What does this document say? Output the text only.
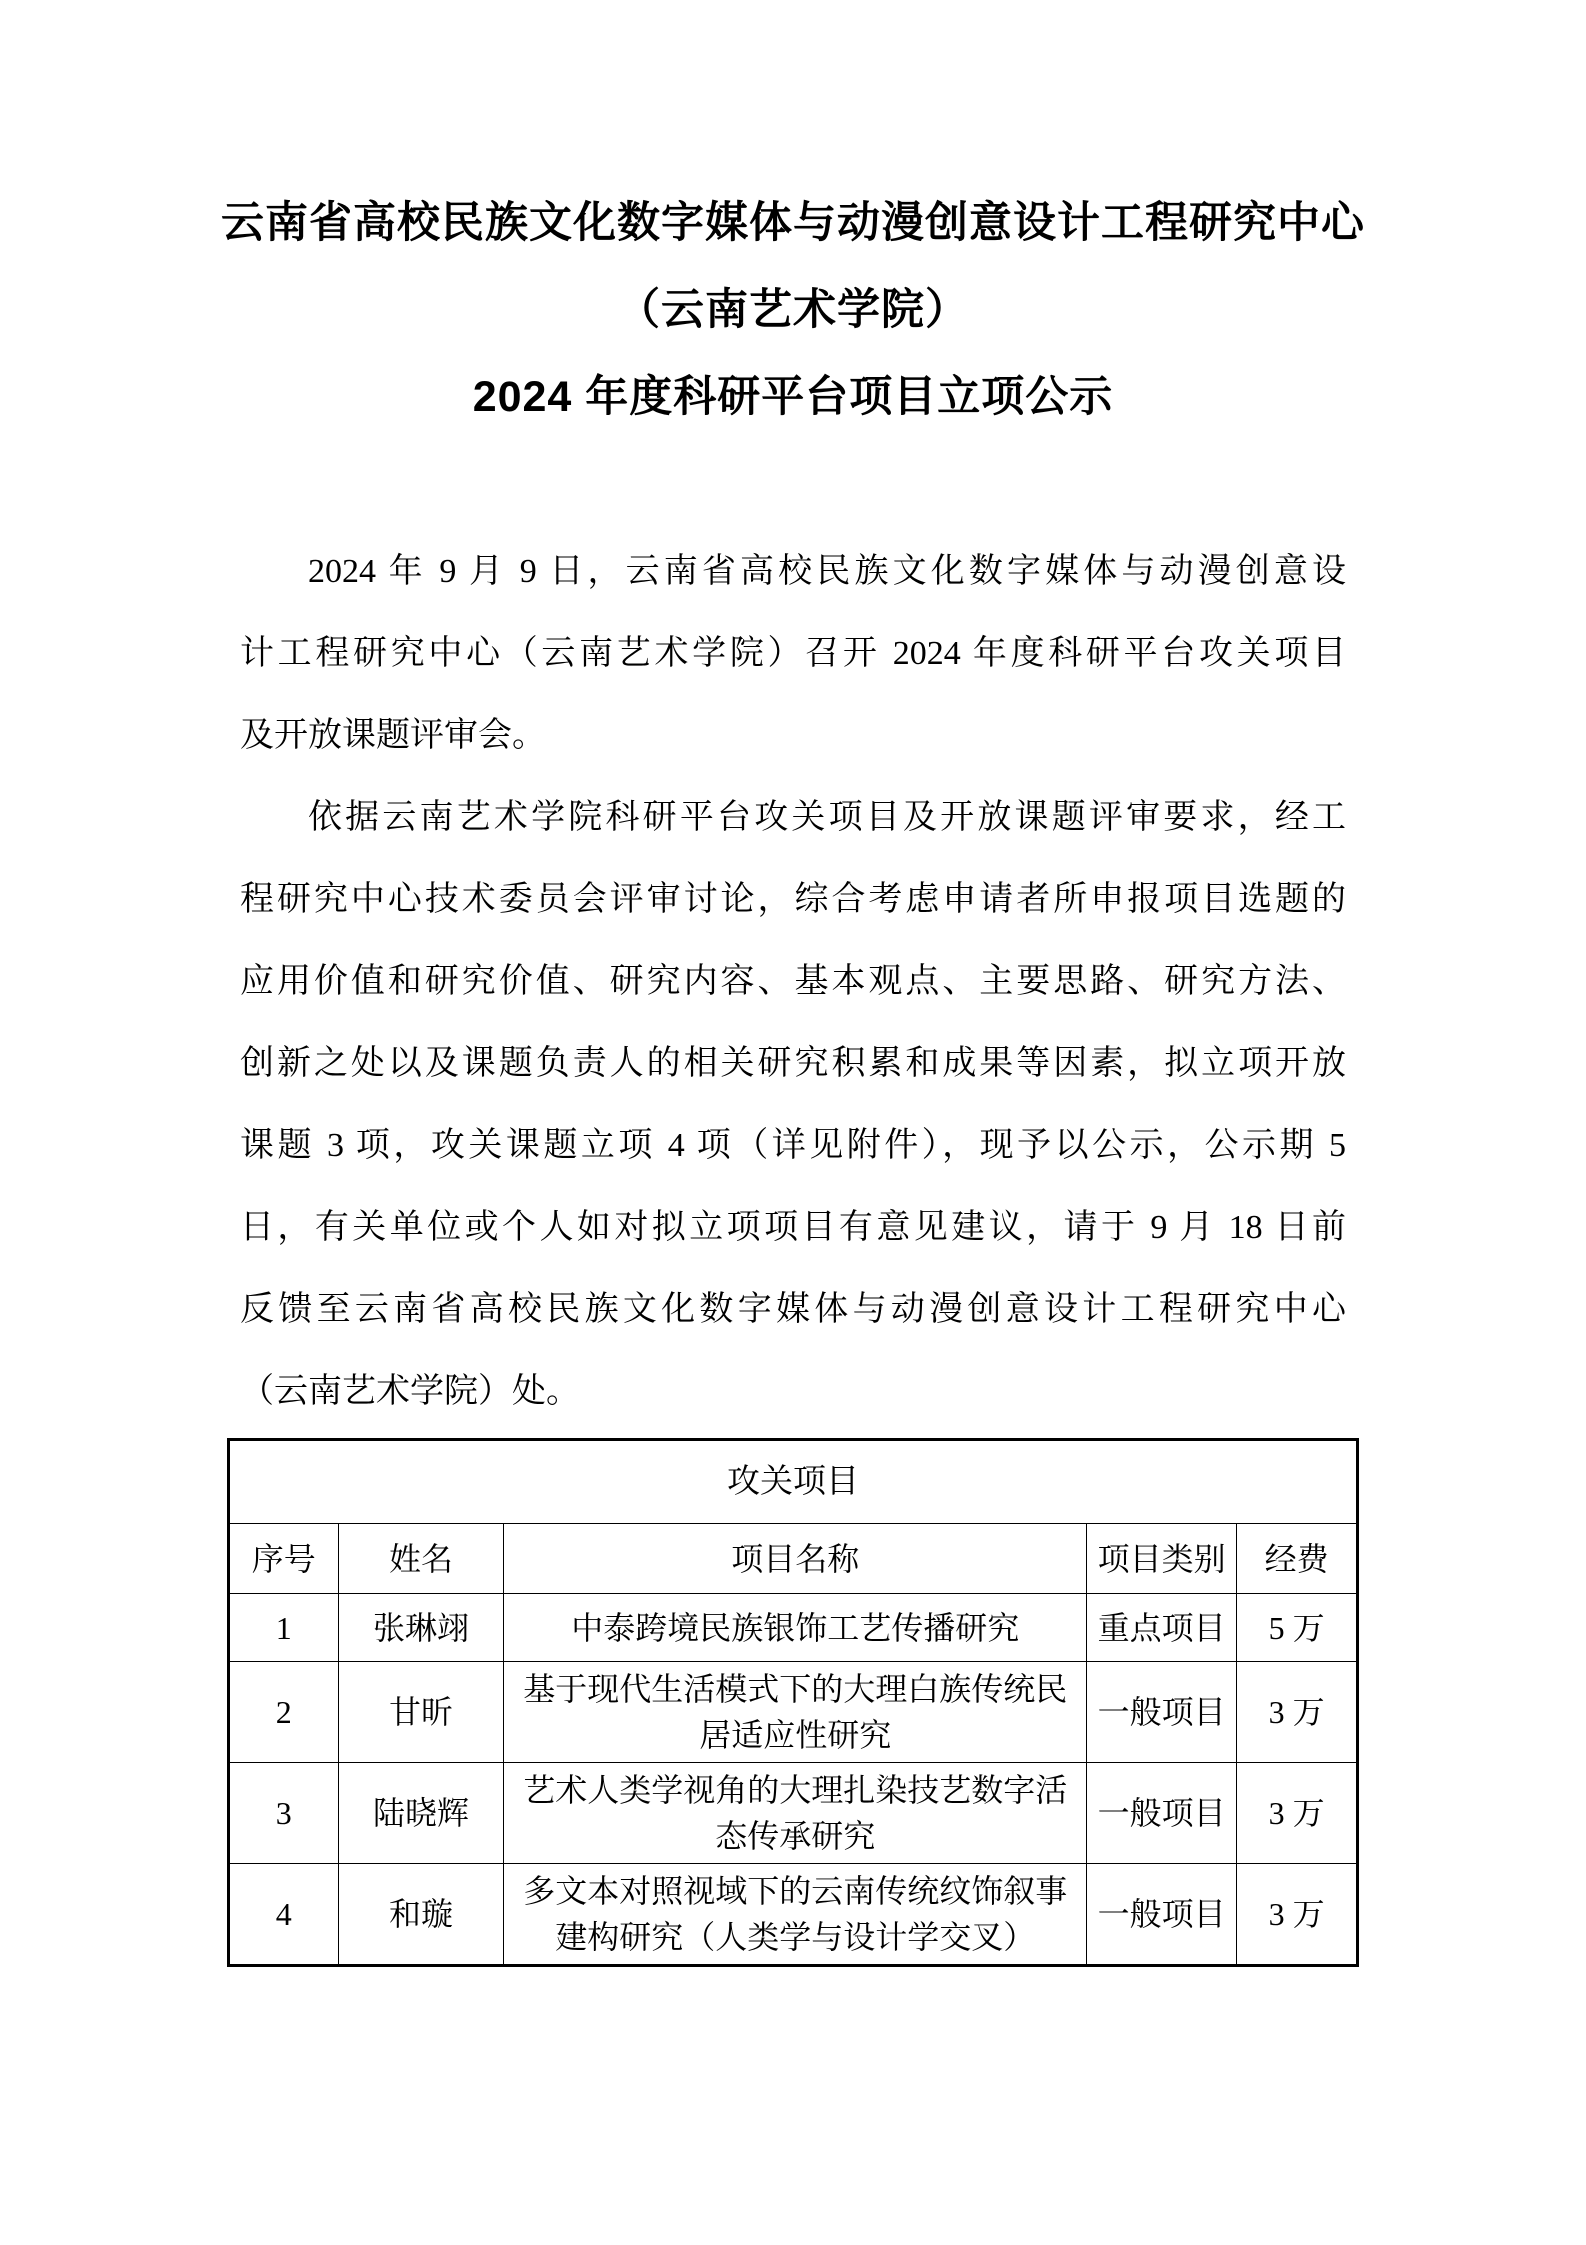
云南省高校民族文化数字媒体与动漫创意设计工程研究中心
（云南艺术学院）
2024 年度科研平台项目立项公示
2024 年 9 月 9 日，云南省高校民族文化数字媒体与动漫创意设
计工程研究中心（云南艺术学院）召开 2024 年度科研平台攻关项目
及开放课题评审会。
依据云南艺术学院科研平台攻关项目及开放课题评审要求，经工
程研究中心技术委员会评审讨论，综合考虑申请者所申报项目选题的
应用价值和研究价值、研究内容、基本观点、主要思路、研究方法、
创新之处以及课题负责人的相关研究积累和成果等因素，拟立项开放
课题 3 项，攻关课题立项 4 项（详见附件），现予以公示，公示期 5
日，有关单位或个人如对拟立项项目有意见建议，请于 9 月 18 日前
反馈至云南省高校民族文化数字媒体与动漫创意设计工程研究中心
（云南艺术学院）处。
攻关项目				
序号	姓名	项目名称	项目类别	经费
1	张琳翊	中泰跨境民族银饰工艺传播研究	重点项目	5 万
2	甘昕	基于现代生活模式下的大理白族传统民居适应性研究	一般项目	3 万
3	陆晓辉	艺术人类学视角的大理扎染技艺数字活态传承研究	一般项目	3 万
4	和璇	多文本对照视域下的云南传统纹饰叙事建构研究（人类学与设计学交叉）	一般项目	3 万
